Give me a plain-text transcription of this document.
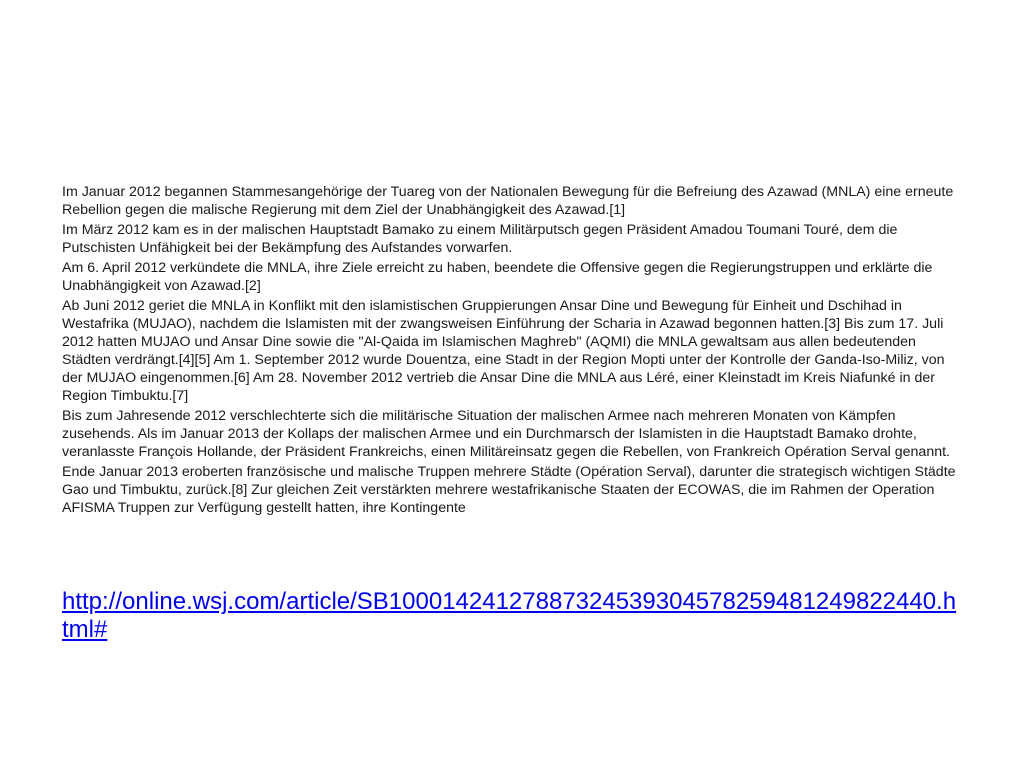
Im Januar 2012 begannen Stammesangehörige der Tuareg von der Nationalen Bewegung für die Befreiung des Azawad (MNLA) eine erneute Rebellion gegen die malische Regierung mit dem Ziel der Unabhängigkeit des Azawad.[1]

Im März 2012 kam es in der malischen Hauptstadt Bamako zu einem Militärputsch gegen Präsident Amadou Toumani Touré, dem die Putschisten Unfähigkeit bei der Bekämpfung des Aufstandes vorwarfen.

Am 6. April 2012 verkündete die MNLA, ihre Ziele erreicht zu haben, beendete die Offensive gegen die Regierungstruppen und erklärte die Unabhängigkeit von Azawad.[2]

Ab Juni 2012 geriet die MNLA in Konflikt mit den islamistischen Gruppierungen Ansar Dine und Bewegung für Einheit und Dschihad in Westafrika (MUJAO), nachdem die Islamisten mit der zwangsweisen Einführung der Scharia in Azawad begonnen hatten.[3] Bis zum 17. Juli 2012 hatten MUJAO und Ansar Dine sowie die "Al-Qaida im Islamischen Maghreb" (AQMI) die MNLA gewaltsam aus allen bedeutenden Städten verdrängt.[4][5] Am 1. September 2012 wurde Douentza, eine Stadt in der Region Mopti unter der Kontrolle der Ganda-Iso-Miliz, von der MUJAO eingenommen.[6] Am 28. November 2012 vertrieb die Ansar Dine die MNLA aus Léré, einer Kleinstadt im Kreis Niafunké in der Region Timbuktu.[7]

Bis zum Jahresende 2012 verschlechterte sich die militärische Situation der malischen Armee nach mehreren Monaten von Kämpfen zusehends. Als im Januar 2013 der Kollaps der malischen Armee und ein Durchmarsch der Islamisten in die Hauptstadt Bamako drohte, veranlasste François Hollande, der Präsident Frankreichs, einen Militäreinsatz gegen die Rebellen, von Frankreich Opération Serval genannt.

Ende Januar 2013 eroberten französische und malische Truppen mehrere Städte (Opération Serval), darunter die strategisch wichtigen Städte Gao und Timbuktu, zurück.[8] Zur gleichen Zeit verstärkten mehrere westafrikanische Staaten der ECOWAS, die im Rahmen der Operation AFISMA Truppen zur Verfügung gestellt hatten, ihre Kontingente

http://online.wsj.com/article/SB10001424127887324539304578259481249822440.html#
